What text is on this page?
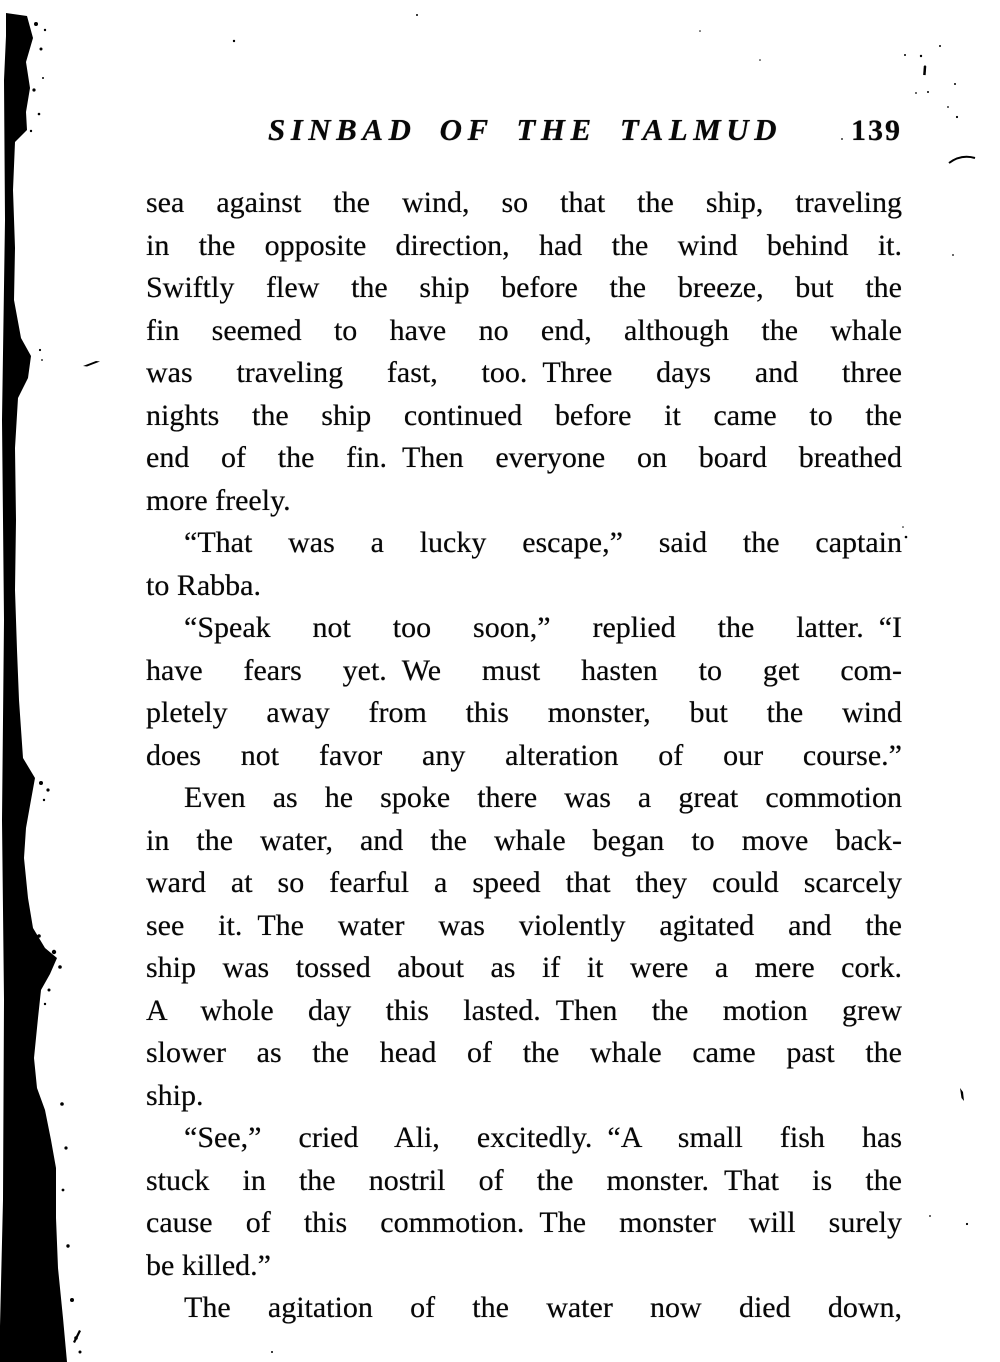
SINBAD OF THE TALMUD	139
sea against the wind, so that the ship, traveling
in the opposite direction, had the wind behind it.
Swiftly flew the ship before the breeze, but the
fin seemed to have no end, although the whale
was traveling fast, too. Three days and three
nights the ship continued before it came to the
end of the fin. Then everyone on board breathed
more freely.
“That was a lucky escape,” said the captain
to Rabba.
“Speak not too soon,” replied the latter. “I
have fears yet. We must hasten to get com-
pletely away from this monster, but the wind
does not favor any alteration of our course.”
Even as he spoke there was a great commotion
in the water, and the whale began to move back-
ward at so fearful a speed that they could scarcely
see it. The water was violently agitated and the
ship was tossed about as if it were a mere cork.
A whole day this lasted. Then the motion grew
slower as the head of the whale came past the
ship.
“See,” cried Ali, excitedly. “A small fish has
stuck in the nostril of the monster. That is the
cause of this commotion. The monster will surely
be killed.”
The agitation of the water now died down,
